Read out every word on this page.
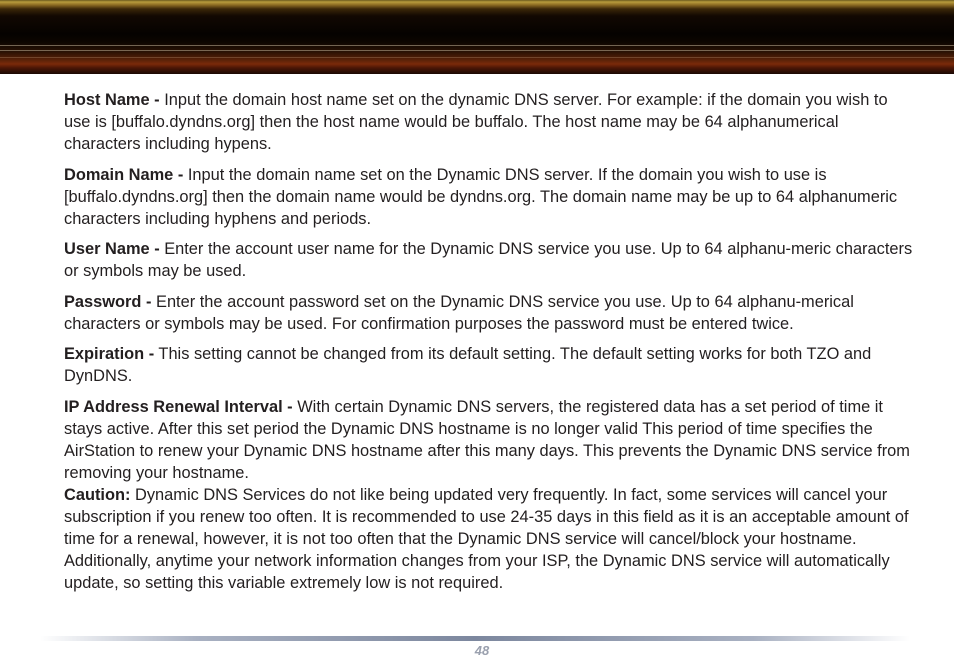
Host Name - Input the domain host name set on the dynamic DNS server. For example: if the domain you wish to use is [buffalo.dyndns.org] then the host name would be buffalo. The host name may be 64 alphanumerical characters including hypens.

Domain Name - Input the domain name set on the Dynamic DNS server. If the domain you wish to use is [buffalo.dyndns.org] then the domain name would be dyndns.org. The domain name may be up to 64 alphanumeric characters including hyphens and periods.

User Name - Enter the account user name for the Dynamic DNS service you use. Up to 64 alphanu-meric characters or symbols may be used.

Password - Enter the account password set on the Dynamic DNS service you use. Up to 64 alphanu-merical characters or symbols may be used. For confirmation purposes the password must be entered twice.

Expiration - This setting cannot be changed from its default setting. The default setting works for both TZO and DynDNS.

IP Address Renewal Interval - With certain Dynamic DNS servers, the registered data has a set period of time it stays active. After this set period the Dynamic DNS hostname is no longer valid This period of time specifies the AirStation to renew your Dynamic DNS hostname after this many days. This prevents the Dynamic DNS service from removing your hostname.

Caution: Dynamic DNS Services do not like being updated very frequently. In fact, some services will cancel your subscription if you renew too often. It is recommended to use 24-35 days in this field as it is an acceptable amount of time for a renewal, however, it is not too often that the Dynamic DNS service will cancel/block your hostname. Additionally, anytime your network information changes from your ISP, the Dynamic DNS service will automatically update, so setting this variable extremely low is not required.

48
